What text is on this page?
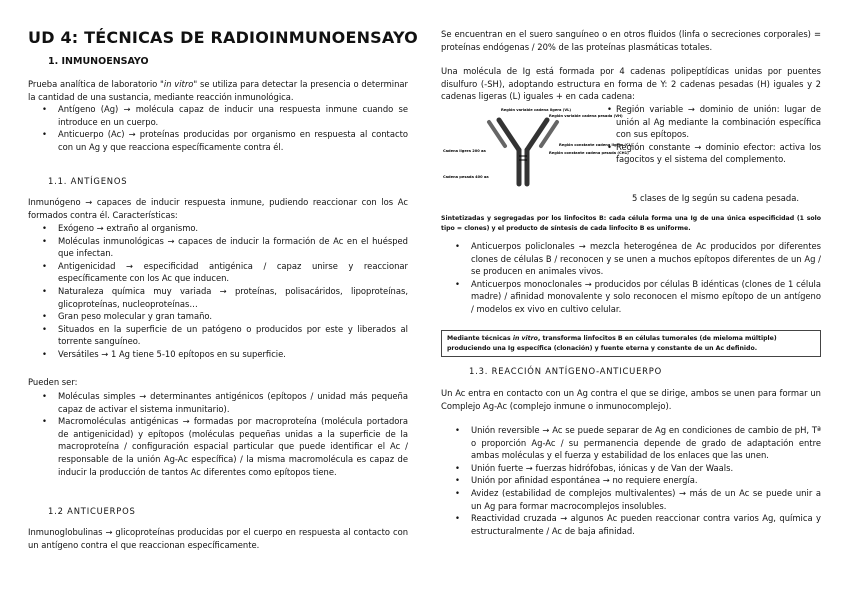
UD 4: TÉCNICAS DE RADIOINMUNOENSAYO
1. INMUNOENSAYO

Prueba analítica de laboratorio "in vitro" se utiliza para detectar la presencia o determinar la cantidad de una sustancia, mediante reacción inmunológica.

• Antígeno (Ag) → molécula capaz de inducir una respuesta inmune cuando se introduce en un cuerpo.
• Anticuerpo (Ac) → proteínas producidas por organismo en respuesta al contacto con un Ag y que reacciona específicamente contra él.
1.1. ANTÍGENOS

Inmunógeno → capaces de inducir respuesta inmune, pudiendo reaccionar con los Ac formados contra él. Características:

• Exógeno → extraño al organismo.
• Moléculas inmunológicas → capaces de inducir la formación de Ac en el huésped que infectan.
• Antigenicidad → especificidad antigénica / capaz unirse y reaccionar específicamente con los Ac que inducen.
• Naturaleza química muy variada → proteínas, polisacáridos, lipoproteínas, glicoproteínas, nucleoproteínas…
• Gran peso molecular y gran tamaño.
• Situados en la superficie de un patógeno o producidos por este y liberados al torrente sanguíneo.
• Versátiles → 1 Ag tiene 5-10 epítopos en su superficie.

Pueden ser:

• Moléculas simples → determinantes antigénicos (epítopos / unidad más pequeña capaz de activar el sistema inmunitario).
• Macromoléculas antigénicas → formadas por macroproteína (molécula portadora de antigenicidad) y epítopos (moléculas pequeñas unidas a la superficie de la macroproteína / configuración espacial particular que puede identificar el Ac / responsable de la unión Ag-Ac específica) / la misma macromolécula es capaz de inducir la producción de tantos Ac diferentes como epítopos tiene.
1.2 ANTICUERPOS

Inmunoglobulinas → glicoproteínas producidas por el cuerpo en respuesta al contacto con un antígeno contra el que reaccionan específicamente.

Se encuentran en el suero sanguíneo o en otros fluidos (linfa o secreciones corporales) = proteínas endógenas / 20% de las proteínas plasmáticas totales.

Una molécula de Ig está formada por 4 cadenas polipeptídicas unidas por puentes disulfuro (-SH), adoptando estructura en forma de Y: 2 cadenas pesadas (H) iguales y 2 cadenas ligeras (L) iguales + en cada cadena:

Región variable cadena ligera (VL)
Región variable cadena pesada (VH)
Región constante cadena ligera (CL)
Región constante cadena pesada (CH1)
Cadena ligera 200 aa
Cadena pesada 400 aa
• Región variable → dominio de unión: lugar de unión al Ag mediante la combinación específica con sus epítopos.
• Región constante → dominio efector: activa los fagocitos y el sistema del complemento.

5 clases de Ig según su cadena pesada.

Sintetizadas y segregadas por los linfocitos B: cada célula forma una Ig de una única especificidad (1 solo tipo = clones) y el producto de síntesis de cada linfocito B es uniforme.

• Anticuerpos policlonales → mezcla heterogénea de Ac producidos por diferentes clones de células B / reconocen y se unen a muchos epítopos diferentes de un Ag / se producen en animales vivos.
• Anticuerpos monoclonales → producidos por células B idénticas (clones de 1 célula madre) / afinidad monovalente y solo reconocen el mismo epítopo de un antígeno / modelos ex vivo en cultivo celular.
Mediante técnicas in vitro, transforma linfocitos B en células tumorales (de mieloma múltiple) produciendo una Ig específica (clonación) y fuente eterna y constante de un Ac definido.
1.3. REACCIÓN ANTÍGENO-ANTICUERPO

Un Ac entra en contacto con un Ag contra el que se dirige, ambos se unen para formar un Complejo Ag-Ac (complejo inmune o inmunocomplejo).

• Unión reversible → Ac se puede separar de Ag en condiciones de cambio de pH, Tª o proporción Ag-Ac / su permanencia depende de grado de adaptación entre ambas moléculas y el fuerza y estabilidad de los enlaces que las unen.
• Unión fuerte → fuerzas hidrófobas, iónicas y de Van der Waals.
• Unión por afinidad espontánea → no requiere energía.
• Avidez (estabilidad de complejos multivalentes) → más de un Ac se puede unir a un Ag para formar macrocomplejos insolubles.
• Reactividad cruzada → algunos Ac pueden reaccionar contra varios Ag, química y estructuralmente / Ac de baja afinidad.
